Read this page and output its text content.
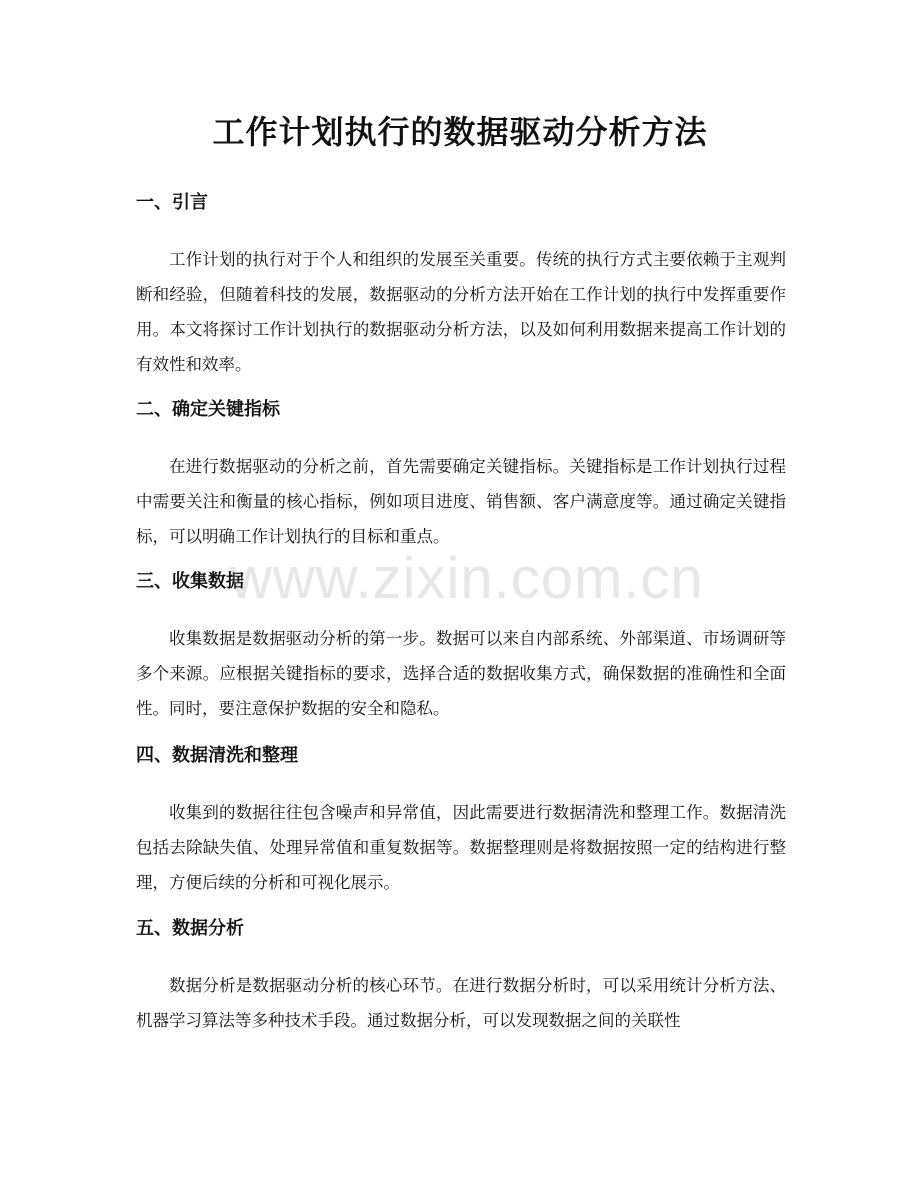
工作计划执行的数据驱动分析方法
一、引言

工作计划的执行对于个人和组织的发展至关重要。传统的执行方式主要依赖于主观判断和经验，但随着科技的发展，数据驱动的分析方法开始在工作计划的执行中发挥重要作用。本文将探讨工作计划执行的数据驱动分析方法，以及如何利用数据来提高工作计划的有效性和效率。

二、确定关键指标

在进行数据驱动的分析之前，首先需要确定关键指标。关键指标是工作计划执行过程中需要关注和衡量的核心指标，例如项目进度、销售额、客户满意度等。通过确定关键指标，可以明确工作计划执行的目标和重点。

三、收集数据

收集数据是数据驱动分析的第一步。数据可以来自内部系统、外部渠道、市场调研等多个来源。应根据关键指标的要求，选择合适的数据收集方式，确保数据的准确性和全面性。同时，要注意保护数据的安全和隐私。

四、数据清洗和整理

收集到的数据往往包含噪声和异常值，因此需要进行数据清洗和整理工作。数据清洗包括去除缺失值、处理异常值和重复数据等。数据整理则是将数据按照一定的结构进行整理，方便后续的分析和可视化展示。

五、数据分析

数据分析是数据驱动分析的核心环节。在进行数据分析时，可以采用统计分析方法、机器学习算法等多种技术手段。通过数据分析，可以发现数据之间的关联性

www.zixin.com.cn
